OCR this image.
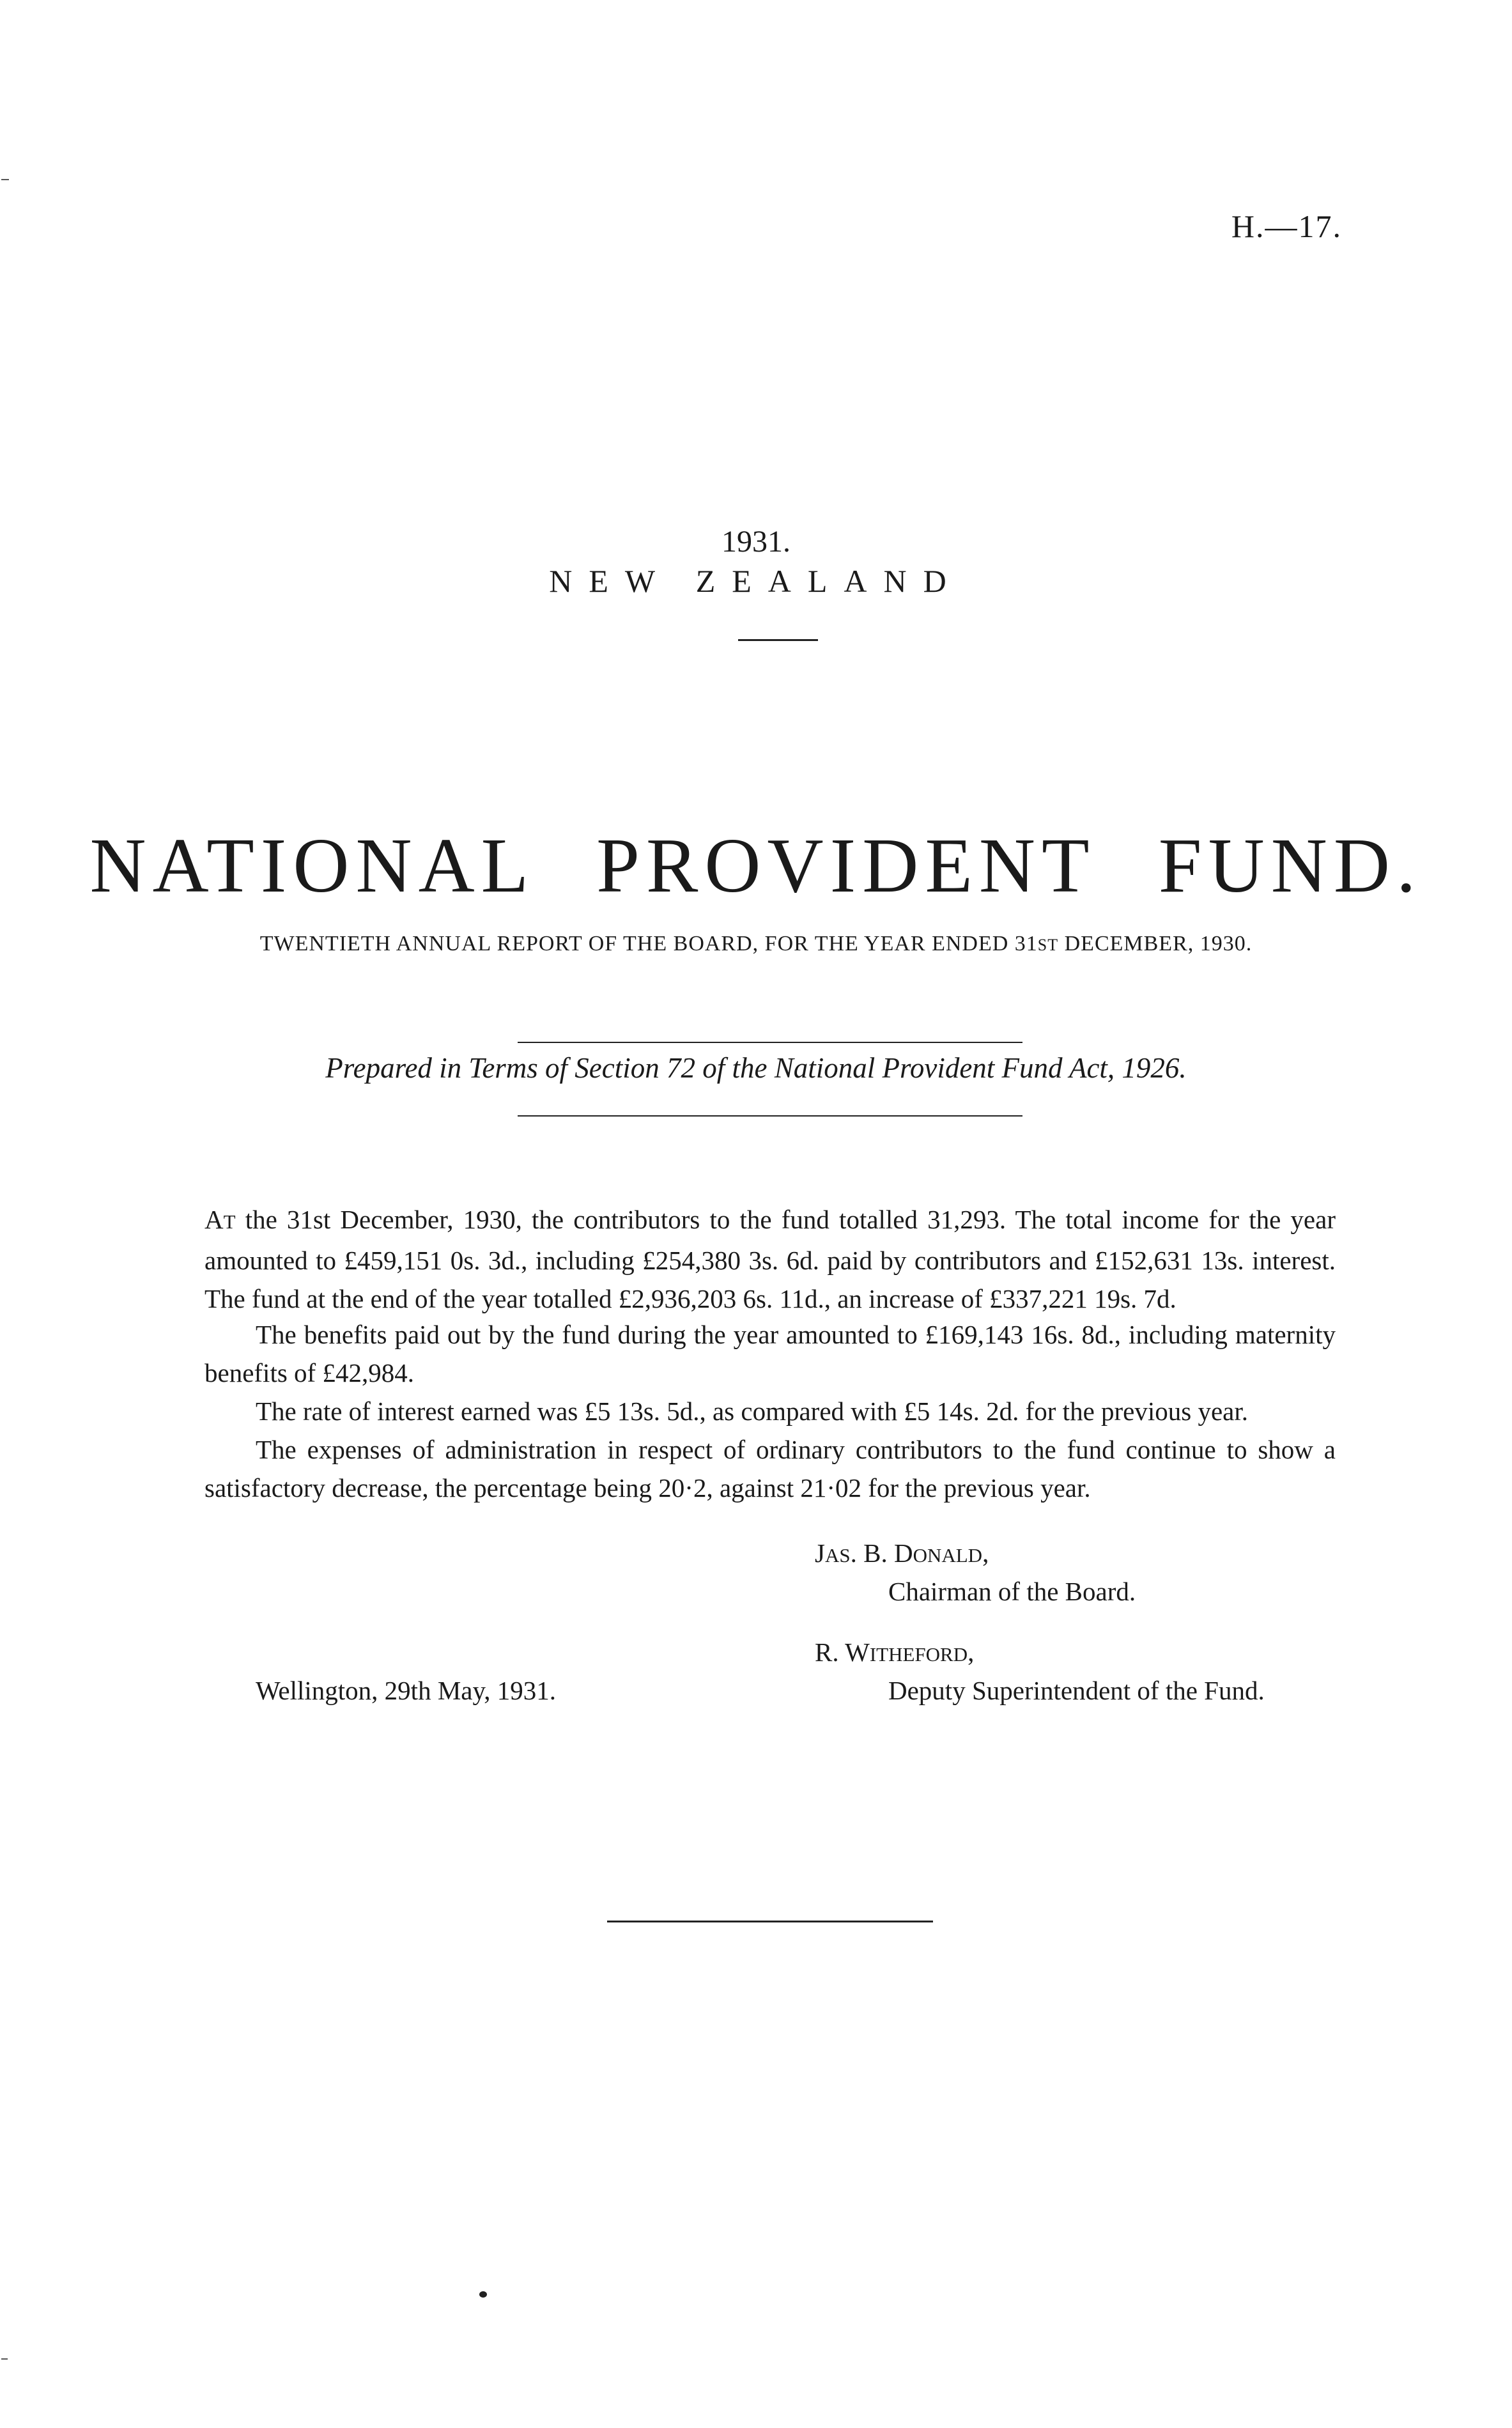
H.—17.
1931.
NEW ZEALAND
NATIONAL PROVIDENT FUND.
TWENTIETH ANNUAL REPORT OF THE BOARD, FOR THE YEAR ENDED 31ST DECEMBER, 1930.
Prepared in Terms of Section 72 of the National Provident Fund Act, 1926.
AT the 31st December, 1930, the contributors to the fund totalled 31,293. The total income for the year amounted to £459,151 0s. 3d., including £254,380 3s. 6d. paid by contributors and £152,631 13s. interest. The fund at the end of the year totalled £2,936,203 6s. 11d., an increase of £337,221 19s. 7d.
The benefits paid out by the fund during the year amounted to £169,143 16s. 8d., including maternity benefits of £42,984.
The rate of interest earned was £5 13s. 5d., as compared with £5 14s. 2d. for the previous year.
The expenses of administration in respect of ordinary contributors to the fund continue to show a satisfactory decrease, the percentage being 20·2, against 21·02 for the previous year.
JAS. B. DONALD,
Chairman of the Board.
R. WITHEFORD,
Deputy Superintendent of the Fund.
Wellington, 29th May, 1931.
